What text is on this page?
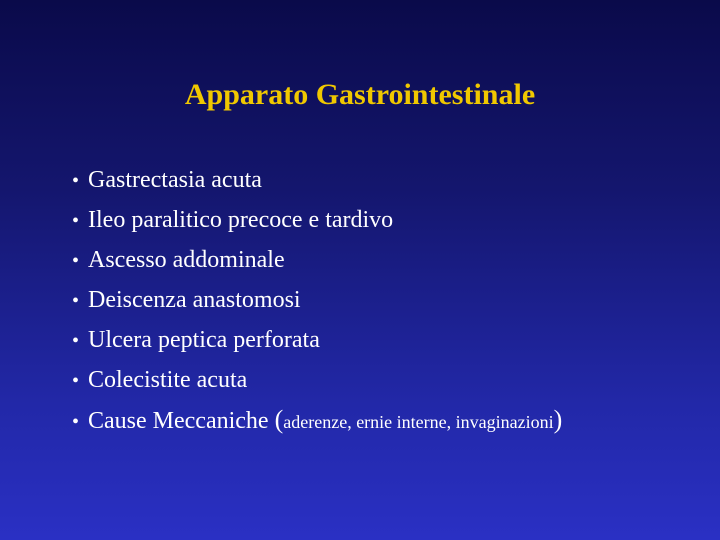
Apparato Gastrointestinale
• Gastrectasia acuta
• Ileo paralitico precoce e tardivo
• Ascesso addominale
• Deiscenza anastomosi
• Ulcera peptica perforata
• Colecistite acuta
• Cause Meccaniche (aderenze, ernie interne, invaginazioni)
